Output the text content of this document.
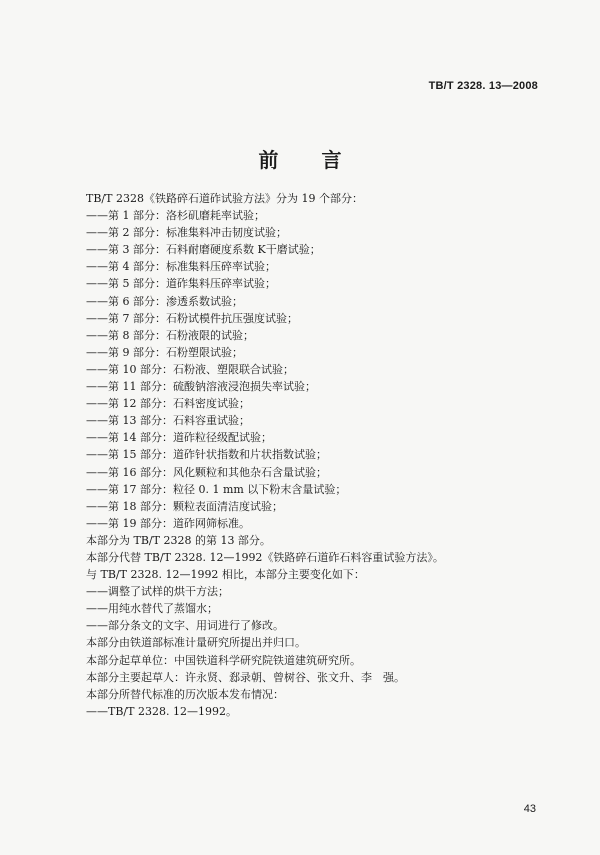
TB/T 2328. 13—2008
前 言
TB/T 2328《铁路碎石道砟试验方法》分为 19 个部分：
——第 1 部分：洛杉矶磨耗率试验；
——第 2 部分：标准集料冲击韧度试验；
——第 3 部分：石料耐磨硬度系数 K干磨试验；
——第 4 部分：标准集料压碎率试验；
——第 5 部分：道砟集料压碎率试验；
——第 6 部分：渗透系数试验；
——第 7 部分：石粉试模件抗压强度试验；
——第 8 部分：石粉液限的试验；
——第 9 部分：石粉塑限试验；
——第 10 部分：石粉液、塑限联合试验；
——第 11 部分：硫酸钠溶液浸泡损失率试验；
——第 12 部分：石料密度试验；
——第 13 部分：石料容重试验；
——第 14 部分：道砟粒径级配试验；
——第 15 部分：道砟针状指数和片状指数试验；
——第 16 部分：风化颗粒和其他杂石含量试验；
——第 17 部分：粒径 0. 1 mm 以下粉末含量试验；
——第 18 部分：颗粒表面清洁度试验；
——第 19 部分：道砟网筛标准。
本部分为 TB/T 2328 的第 13 部分。
本部分代替 TB/T 2328. 12—1992《铁路碎石道砟石料容重试验方法》。
与 TB/T 2328. 12—1992 相比，本部分主要变化如下：
——调整了试样的烘干方法；
——用纯水替代了蒸馏水；
——部分条文的文字、用词进行了修改。
本部分由铁道部标准计量研究所提出并归口。
本部分起草单位：中国铁道科学研究院铁道建筑研究所。
本部分主要起草人：许永贤、郄录朝、曾树谷、张文升、李　强。
本部分所替代标准的历次版本发布情况：
——TB/T 2328. 12—1992。
43
